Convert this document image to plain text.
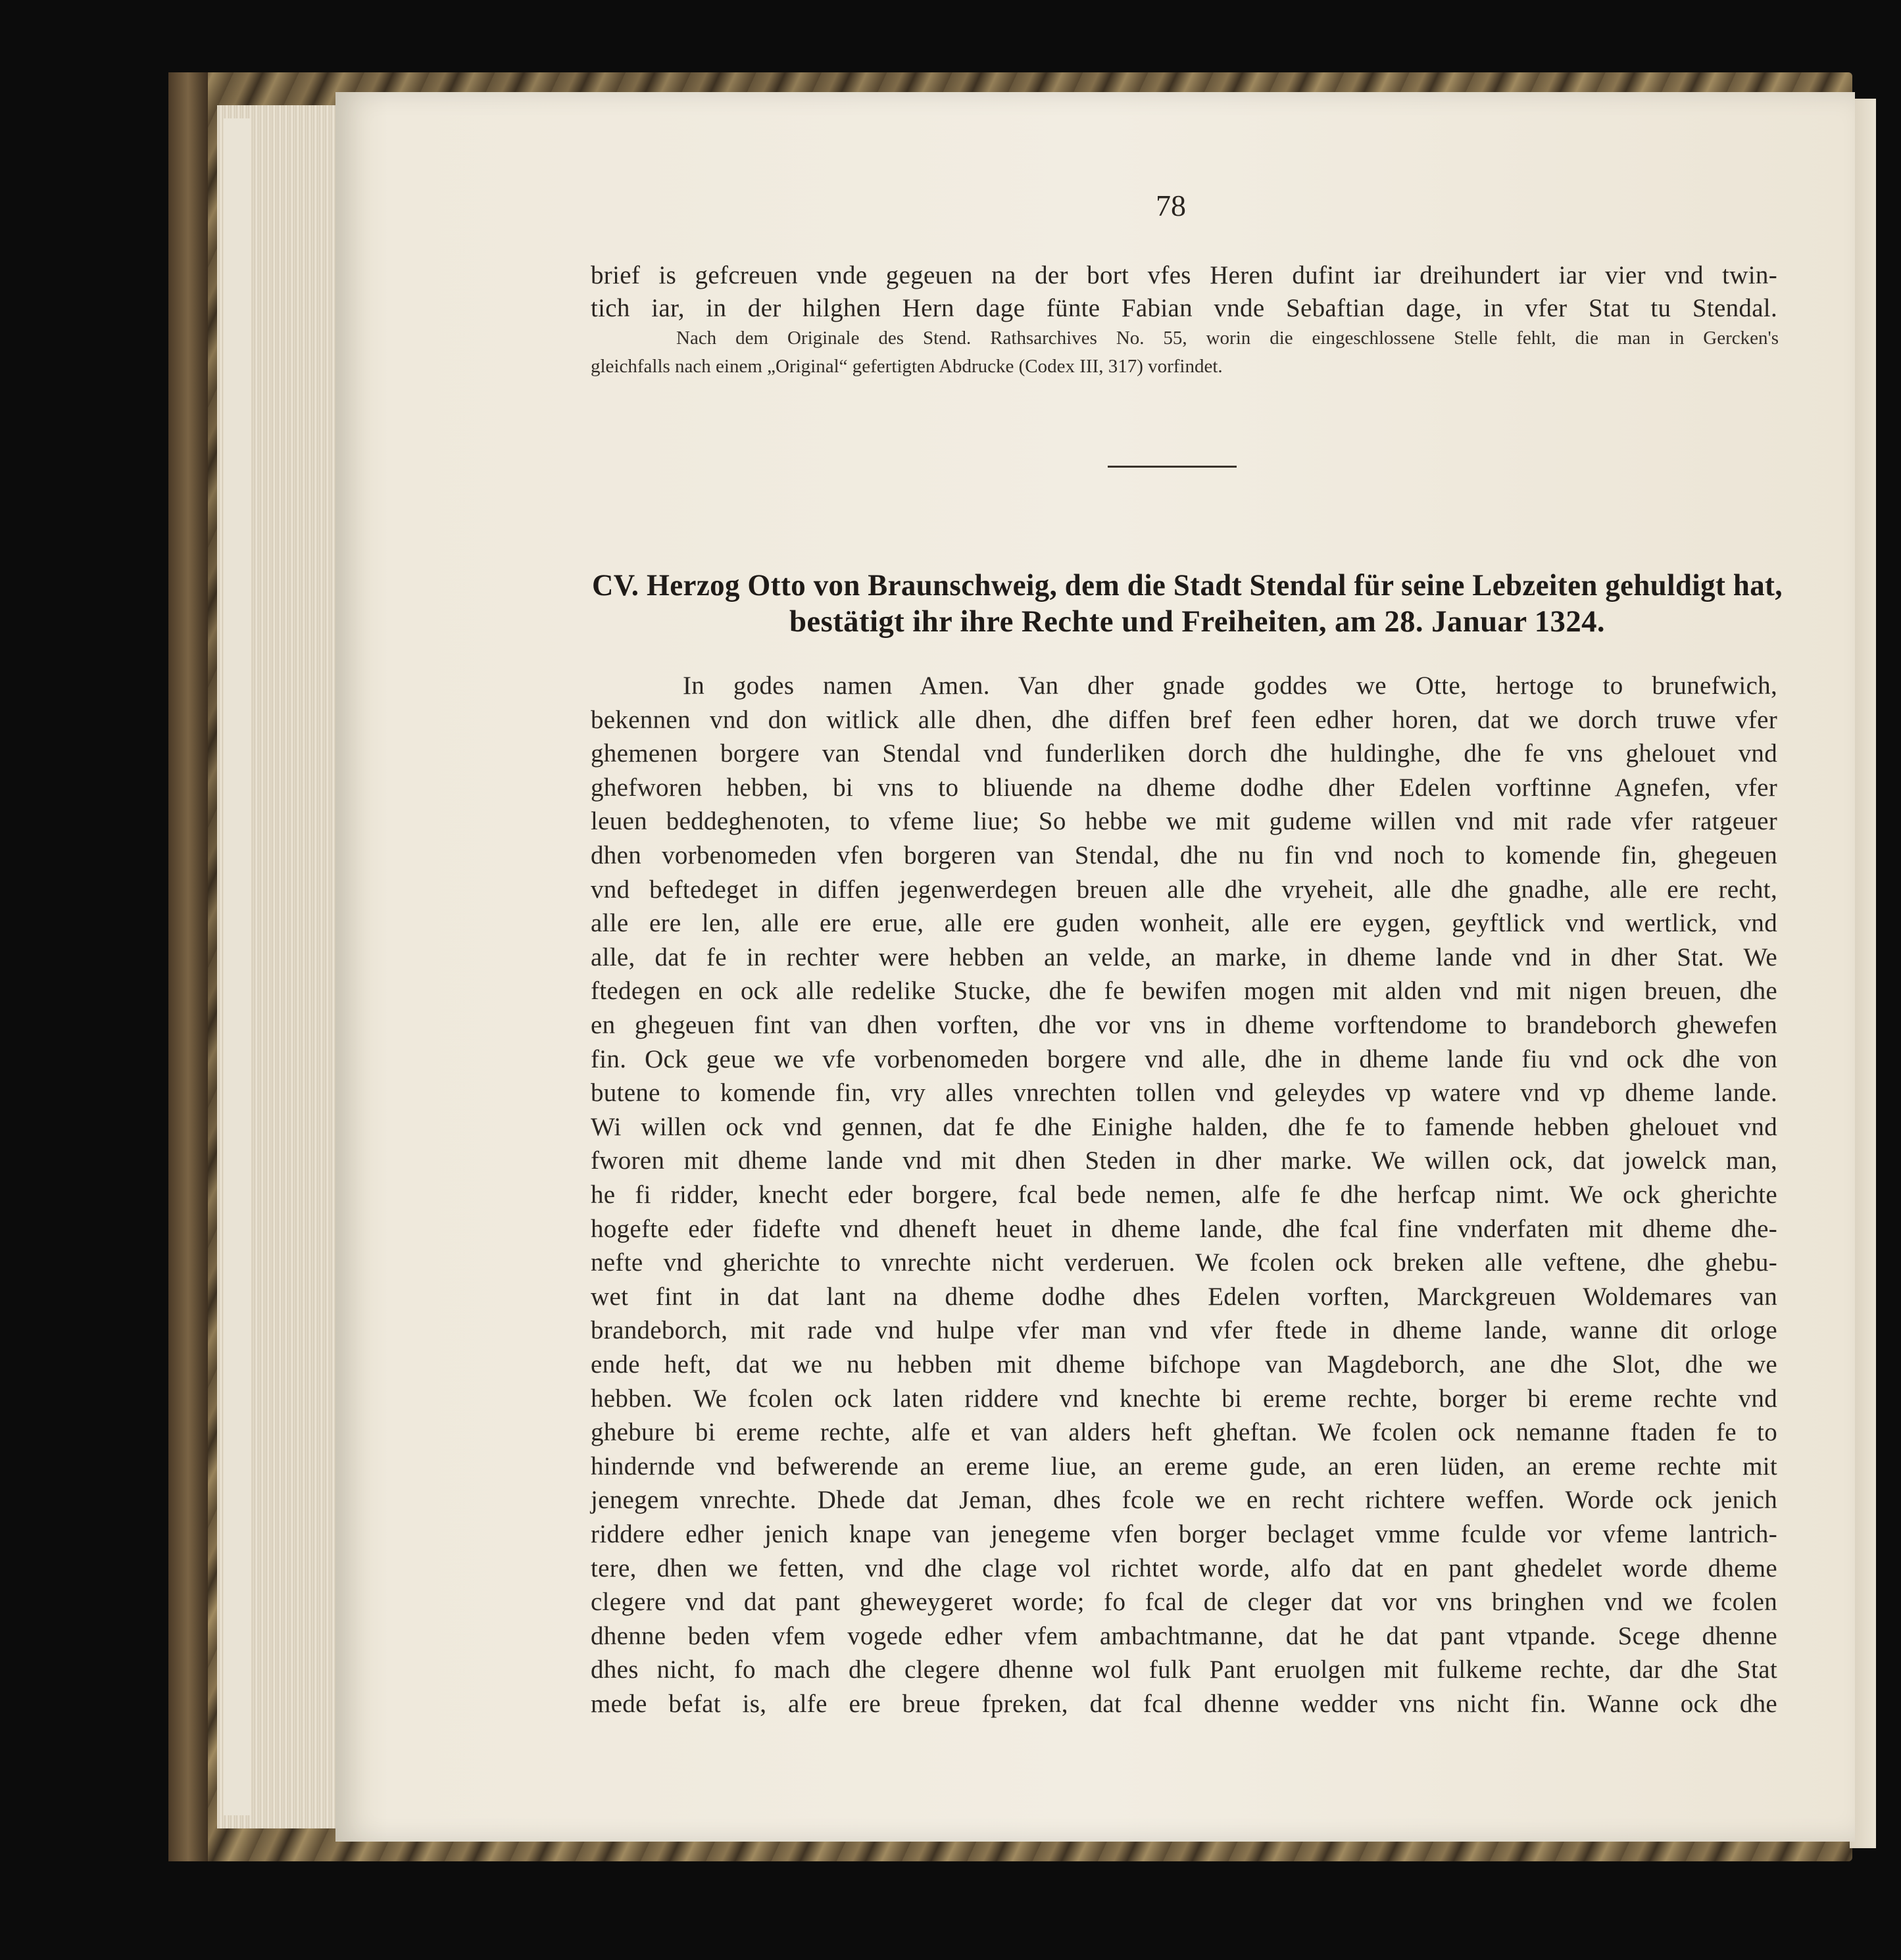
78
brief is gefcreuen vnde gegeuen na der bort vfes Heren dufint iar dreihundert iar vier vnd twin-
tich iar, in der hilghen Hern dage fünte Fabian vnde Sebaftian dage, in vfer Stat tu Stendal.
Nach dem Originale des Stend. Rathsarchives No. 55, worin die eingeschlossene Stelle fehlt, die man in Gercken's
gleichfalls nach einem „Original“ gefertigten Abdrucke (Codex III, 317) vorfindet.
CV. Herzog Otto von Braunschweig, dem die Stadt Stendal für seine Lebzeiten gehuldigt hat,
bestätigt ihr ihre Rechte und Freiheiten, am 28. Januar 1324.
In godes namen Amen. Van dher gnade goddes we Otte, hertoge to brunefwich,
bekennen vnd don witlick alle dhen, dhe diffen bref feen edher horen, dat we dorch truwe vfer
ghemenen borgere van Stendal vnd funderliken dorch dhe huldinghe, dhe fe vns ghelouet vnd
ghefworen hebben, bi vns to bliuende na dheme dodhe dher Edelen vorftinne Agnefen, vfer
leuen beddeghenoten, to vfeme liue; So hebbe we mit gudeme willen vnd mit rade vfer ratgeuer
dhen vorbenomeden vfen borgeren van Stendal, dhe nu fin vnd noch to komende fin, ghegeuen
vnd beftedeget in diffen jegenwerdegen breuen alle dhe vryeheit, alle dhe gnadhe, alle ere recht,
alle ere len, alle ere erue, alle ere guden wonheit, alle ere eygen, geyftlick vnd wertlick, vnd
alle, dat fe in rechter were hebben an velde, an marke, in dheme lande vnd in dher Stat. We
ftedegen en ock alle redelike Stucke, dhe fe bewifen mogen mit alden vnd mit nigen breuen, dhe
en ghegeuen fint van dhen vorften, dhe vor vns in dheme vorftendome to brandeborch ghewefen
fin. Ock geue we vfe vorbenomeden borgere vnd alle, dhe in dheme lande fiu vnd ock dhe von
butene to komende fin, vry alles vnrechten tollen vnd geleydes vp watere vnd vp dheme lande.
Wi willen ock vnd gennen, dat fe dhe Einighe halden, dhe fe to famende hebben ghelouet vnd
fworen mit dheme lande vnd mit dhen Steden in dher marke. We willen ock, dat jowelck man,
he fi ridder, knecht eder borgere, fcal bede nemen, alfe fe dhe herfcap nimt. We ock gherichte
hogefte eder fidefte vnd dheneft heuet in dheme lande, dhe fcal fine vnderfaten mit dheme dhe-
nefte vnd gherichte to vnrechte nicht verderuen. We fcolen ock breken alle veftene, dhe ghebu-
wet fint in dat lant na dheme dodhe dhes Edelen vorften, Marckgreuen Woldemares van
brandeborch, mit rade vnd hulpe vfer man vnd vfer ftede in dheme lande, wanne dit orloge
ende heft, dat we nu hebben mit dheme bifchope van Magdeborch, ane dhe Slot, dhe we
hebben. We fcolen ock laten riddere vnd knechte bi ereme rechte, borger bi ereme rechte vnd
ghebure bi ereme rechte, alfe et van alders heft gheftan. We fcolen ock nemanne ftaden fe to
hindernde vnd befwerende an ereme liue, an ereme gude, an eren lüden, an ereme rechte mit
jenegem vnrechte. Dhede dat Jeman, dhes fcole we en recht richtere weffen. Worde ock jenich
riddere edher jenich knape van jenegeme vfen borger beclaget vmme fculde vor vfeme lantrich-
tere, dhen we fetten, vnd dhe clage vol richtet worde, alfo dat en pant ghedelet worde dheme
clegere vnd dat pant gheweygeret worde; fo fcal de cleger dat vor vns bringhen vnd we fcolen
dhenne beden vfem vogede edher vfem ambachtmanne, dat he dat pant vtpande. Scege dhenne
dhes nicht, fo mach dhe clegere dhenne wol fulk Pant eruolgen mit fulkeme rechte, dar dhe Stat
mede befat is, alfe ere breue fpreken, dat fcal dhenne wedder vns nicht fin. Wanne ock dhe
